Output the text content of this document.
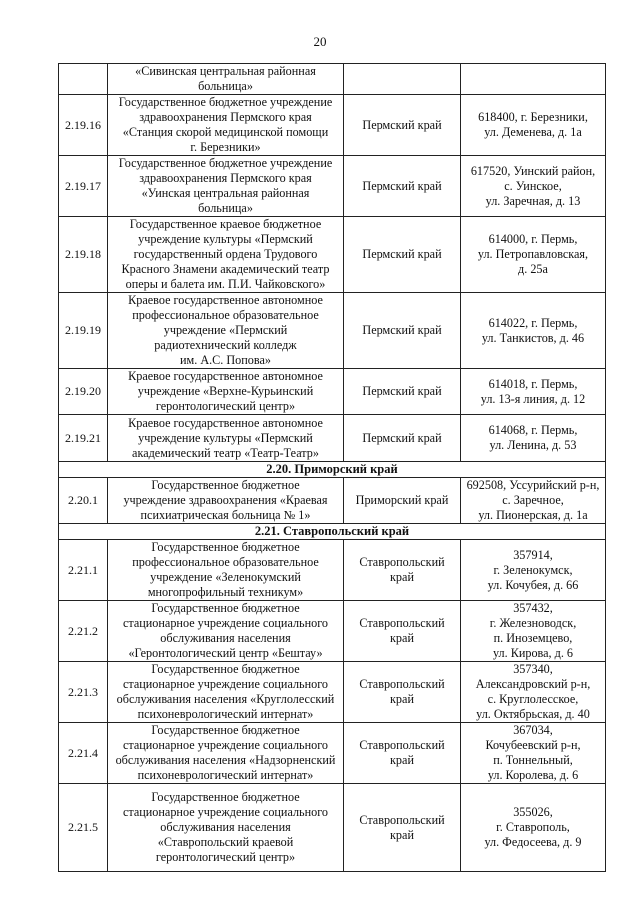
20

	«Сивинская центральная районная
больница»		

2.19.16	Государственное бюджетное учреждение
здравоохранения Пермского края
«Станция скорой медицинской помощи
г. Березники»	Пермский край	618400, г. Березники,
ул. Деменева, д. 1а

2.19.17	Государственное бюджетное учреждение
здравоохранения Пермского края
«Уинская центральная районная
больница»	Пермский край	617520, Уинский район,
с. Уинское,
ул. Заречная, д. 13

2.19.18	Государственное краевое бюджетное
учреждение культуры «Пермский
государственный ордена Трудового
Красного Знамени академический театр
оперы и балета им. П.И. Чайковского»	Пермский край	614000, г. Пермь,
ул. Петропавловская,
д. 25а

2.19.19	Краевое государственное автономное
профессиональное образовательное
учреждение «Пермский
радиотехнический колледж
им. А.С. Попова»	Пермский край	614022, г. Пермь,
ул. Танкистов, д. 46

2.19.20	Краевое государственное автономное
учреждение «Верхне-Курьинский
геронтологический центр»	Пермский край	614018, г. Пермь,
ул. 13-я линия, д. 12

2.19.21	Краевое государственное автономное
учреждение культуры «Пермский
академический театр «Театр-Театр»	Пермский край	614068, г. Пермь,
ул. Ленина, д. 53

2.20. Приморский край			
2.20.1	Государственное бюджетное
учреждение здравоохранения «Краевая
психиатрическая больница № 1»	Приморский край	692508, Уссурийский р-н,
с. Заречное,
ул. Пионерская, д. 1а

2.21. Ставропольский край			
2.21.1	Государственное бюджетное
профессиональное образовательное
учреждение «Зеленокумский
многопрофильный техникум»	Ставропольский
край	357914,
г. Зеленокумск,
ул. Кочубея, д. 66

2.21.2	Государственное бюджетное
стационарное учреждение социального
обслуживания населения
«Геронтологический центр «Бештау»	Ставропольский
край	357432,
г. Железноводск,
п. Иноземцево,
ул. Кирова, д. 6

2.21.3	Государственное бюджетное
стационарное учреждение социального
обслуживания населения «Круглолесский
психоневрологический интернат»	Ставропольский
край	357340,
Александровский р-н,
с. Круглолесское,
ул. Октябрьская, д. 40

2.21.4	Государственное бюджетное
стационарное учреждение социального
обслуживания населения «Надзорненский
психоневрологический интернат»	Ставропольский
край	367034,
Кочубеевский р-н,
п. Тоннельный,
ул. Королева, д. 6

2.21.5	Государственное бюджетное
стационарное учреждение социального
обслуживания населения
«Ставропольский краевой
геронтологический центр»	Ставропольский
край	355026,
г. Ставрополь,
ул. Федосеева, д. 9
